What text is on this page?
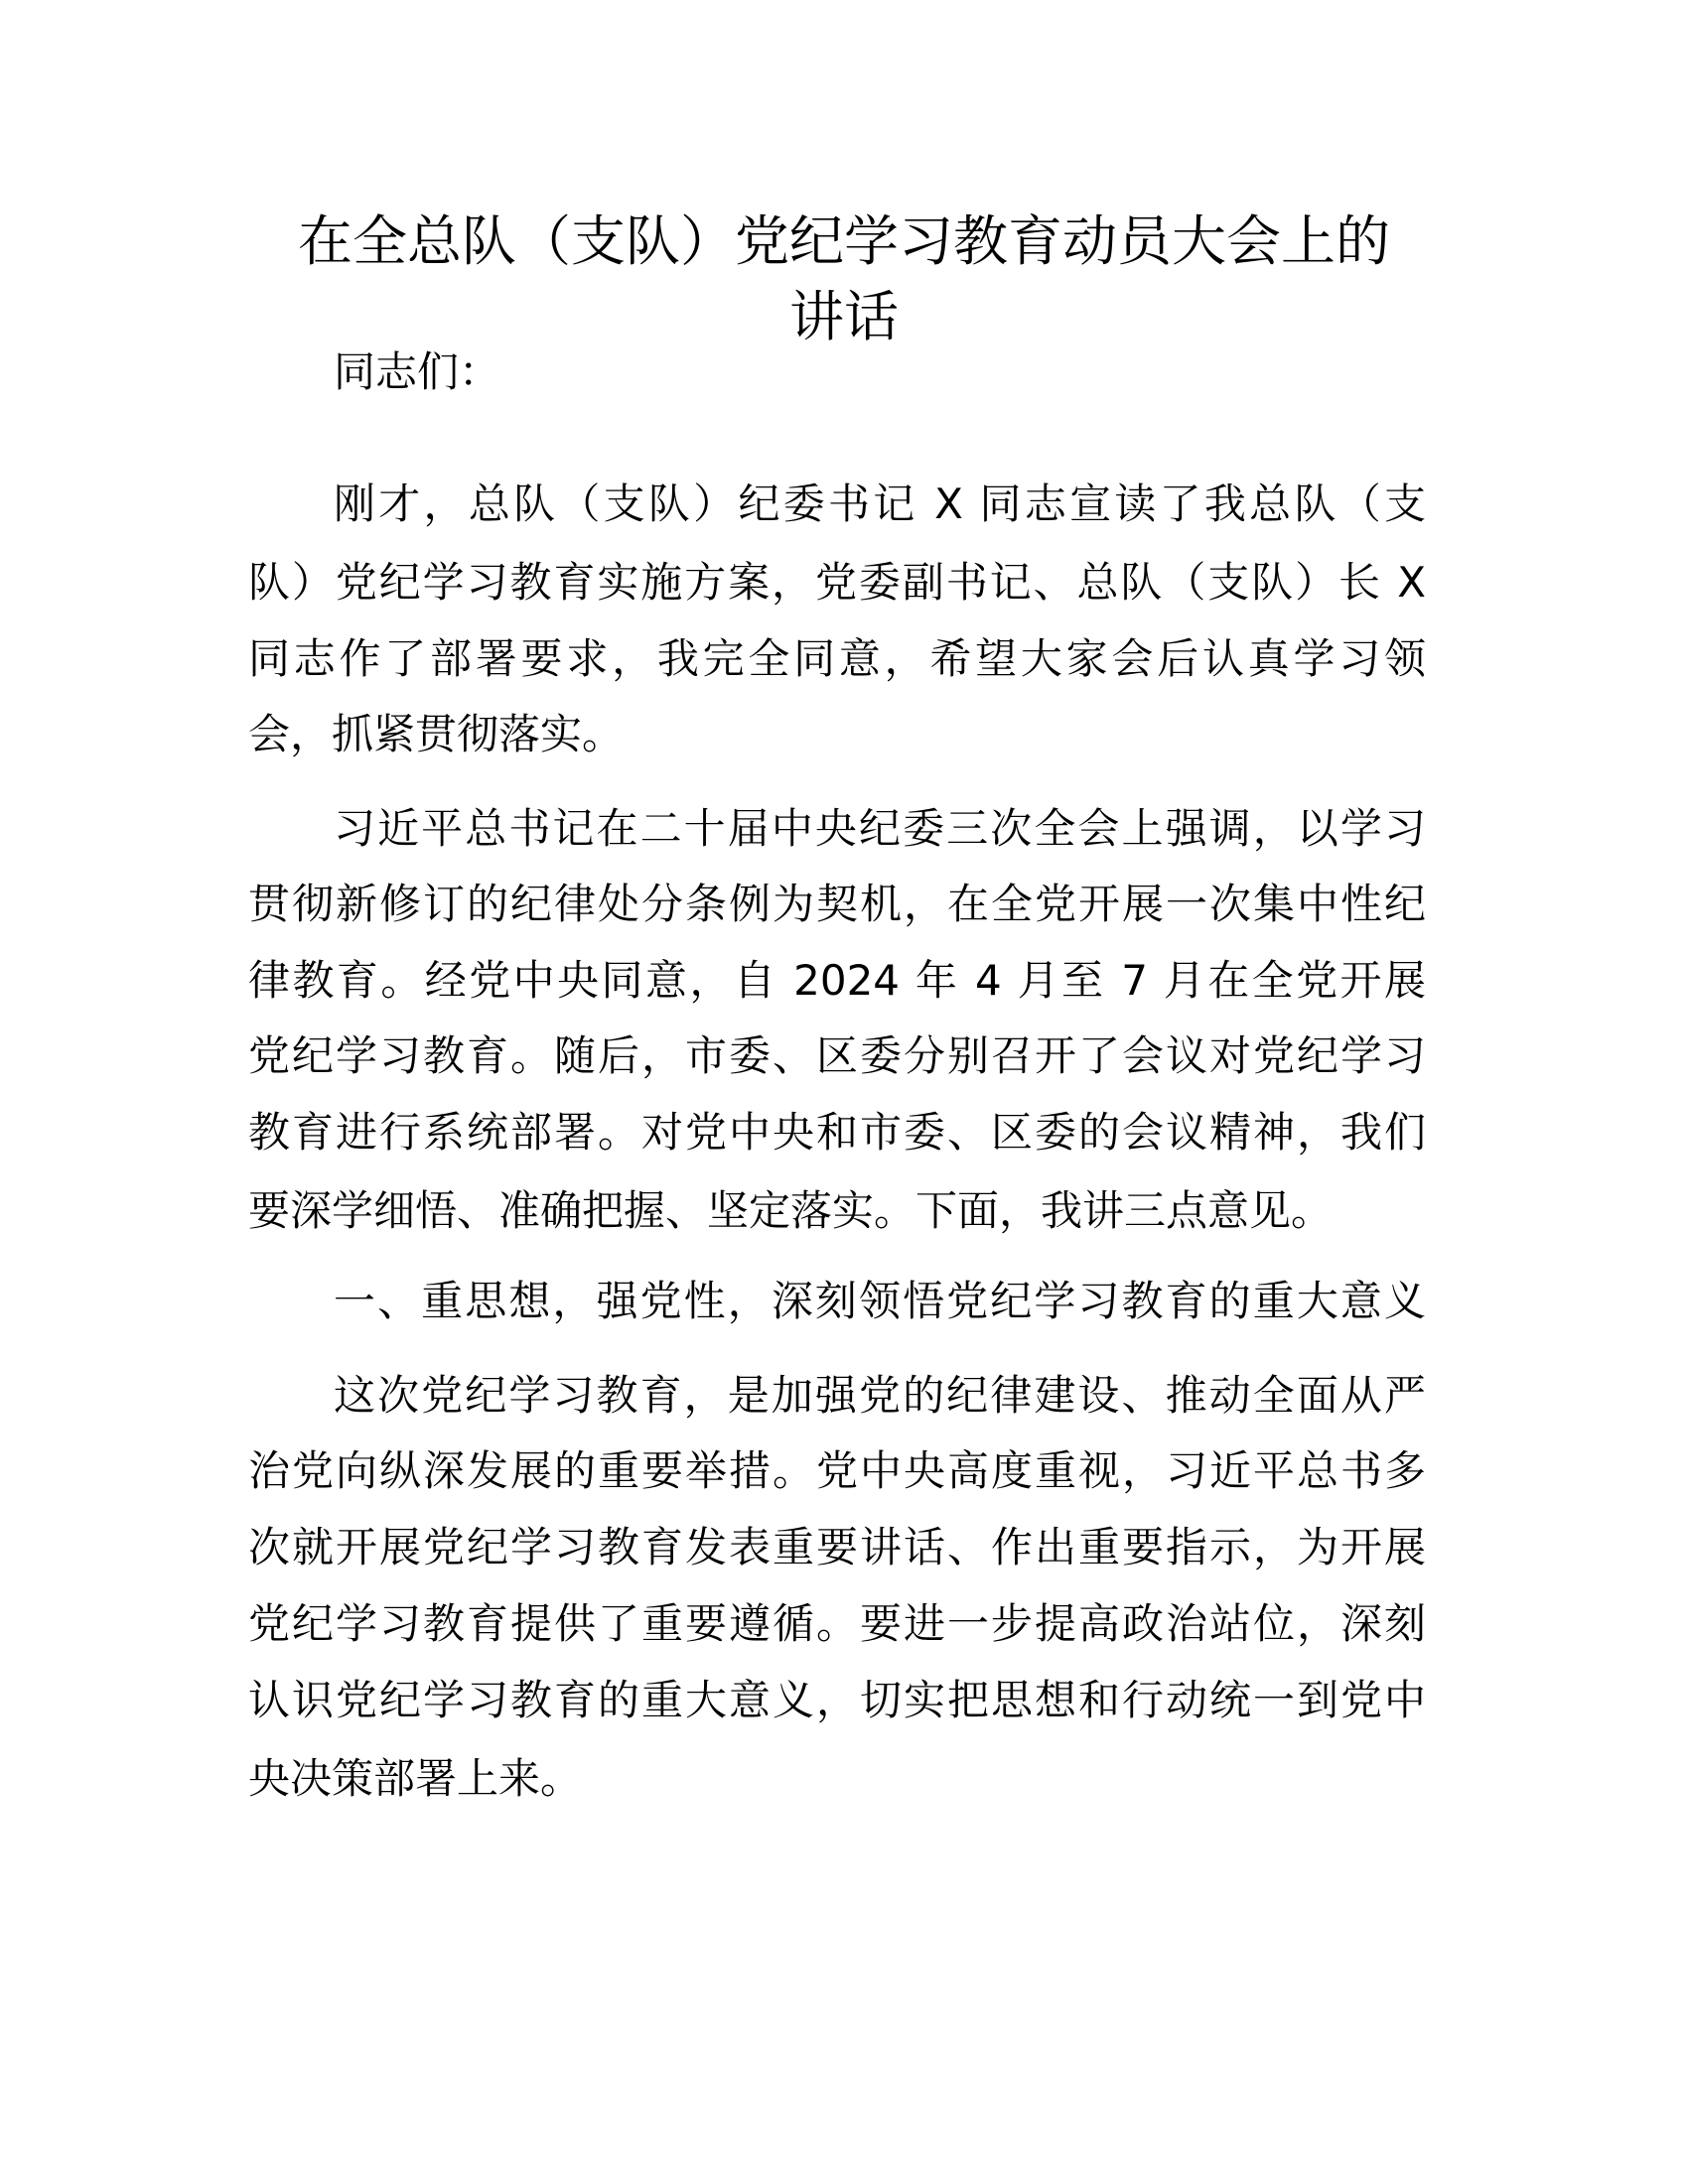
在全总队（支队）党纪学习教育动员大会上的
讲话
同志们：
刚才，总队（支队）纪委书记 X 同志宣读了我总队（支
队）党纪学习教育实施方案，党委副书记、总队（支队）长 X
同志作了部署要求，我完全同意，希望大家会后认真学习领
会，抓紧贯彻落实。
习近平总书记在二十届中央纪委三次全会上强调，以学习
贯彻新修订的纪律处分条例为契机，在全党开展一次集中性纪
律教育。经党中央同意，自 2024 年 4 月至 7 月在全党开展
党纪学习教育。随后，市委、区委分别召开了会议对党纪学习
教育进行系统部署。对党中央和市委、区委的会议精神，我们
要深学细悟、准确把握、坚定落实。下面，我讲三点意见。
一、重思想，强党性，深刻领悟党纪学习教育的重大意义
这次党纪学习教育，是加强党的纪律建设、推动全面从严
治党向纵深发展的重要举措。党中央高度重视，习近平总书多
次就开展党纪学习教育发表重要讲话、作出重要指示，为开展
党纪学习教育提供了重要遵循。要进一步提高政治站位，深刻
认识党纪学习教育的重大意义，切实把思想和行动统一到党中
央决策部署上来。
